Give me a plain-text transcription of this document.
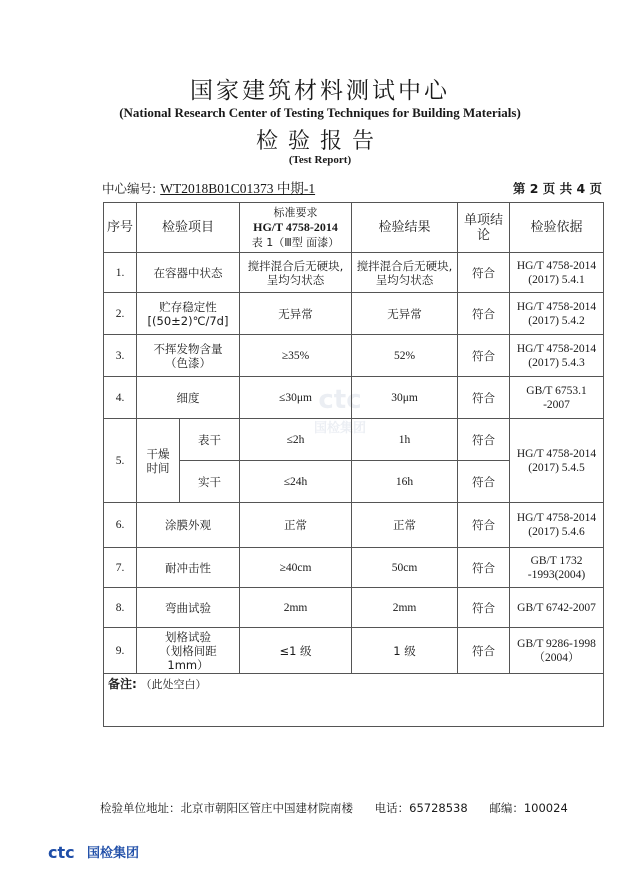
国家建筑材料测试中心
(National Research Center of Testing Techniques for Building Materials)
检验报告
(Test Report)
中心编号: WT2018B01C01373 中期-1	第 2 页 共 4 页
ctc
国检集团
序号	检验项目		标准要求
HG/T 4758-2014
表 1（Ⅲ型 面漆）	检验结果	单项结论	检验依据
1.	在容器中状态		搅拌混合后无硬块,
呈均匀状态	搅拌混合后无硬块,
呈均匀状态	符合	HG/T 4758-2014
(2017) 5.4.1

2.	贮存稳定性
[(50±2)℃/7d]		无异常	无异常	符合	HG/T 4758-2014
(2017) 5.4.2

3.	不挥发物含量
（色漆）		≥35%	52%	符合	HG/T 4758-2014
(2017) 5.4.3

4.	细度		≤30μm	30μm	符合	GB/T 6753.1
-2007

5.	干燥
时间	表干	≤2h	1h	符合	HG/T 4758-2014
(2017) 5.4.5

		实干	≤24h	16h	符合	
6.	涂膜外观		正常	正常	符合	HG/T 4758-2014
(2017) 5.4.6

7.	耐冲击性		≥40cm	50cm	符合	GB/T 1732
-1993(2004)

8.	弯曲试验		2mm	2mm	符合	GB/T 6742-2007

9.	划格试验
（划格间距
1mm）		≤1 级	1 级	符合	GB/T 9286-1998
（2004）

备注: （此处空白）						
检验单位地址：北京市朝阳区管庄中国建材院南楼 电话：65728538 邮编：100024
ctc 国检集团
